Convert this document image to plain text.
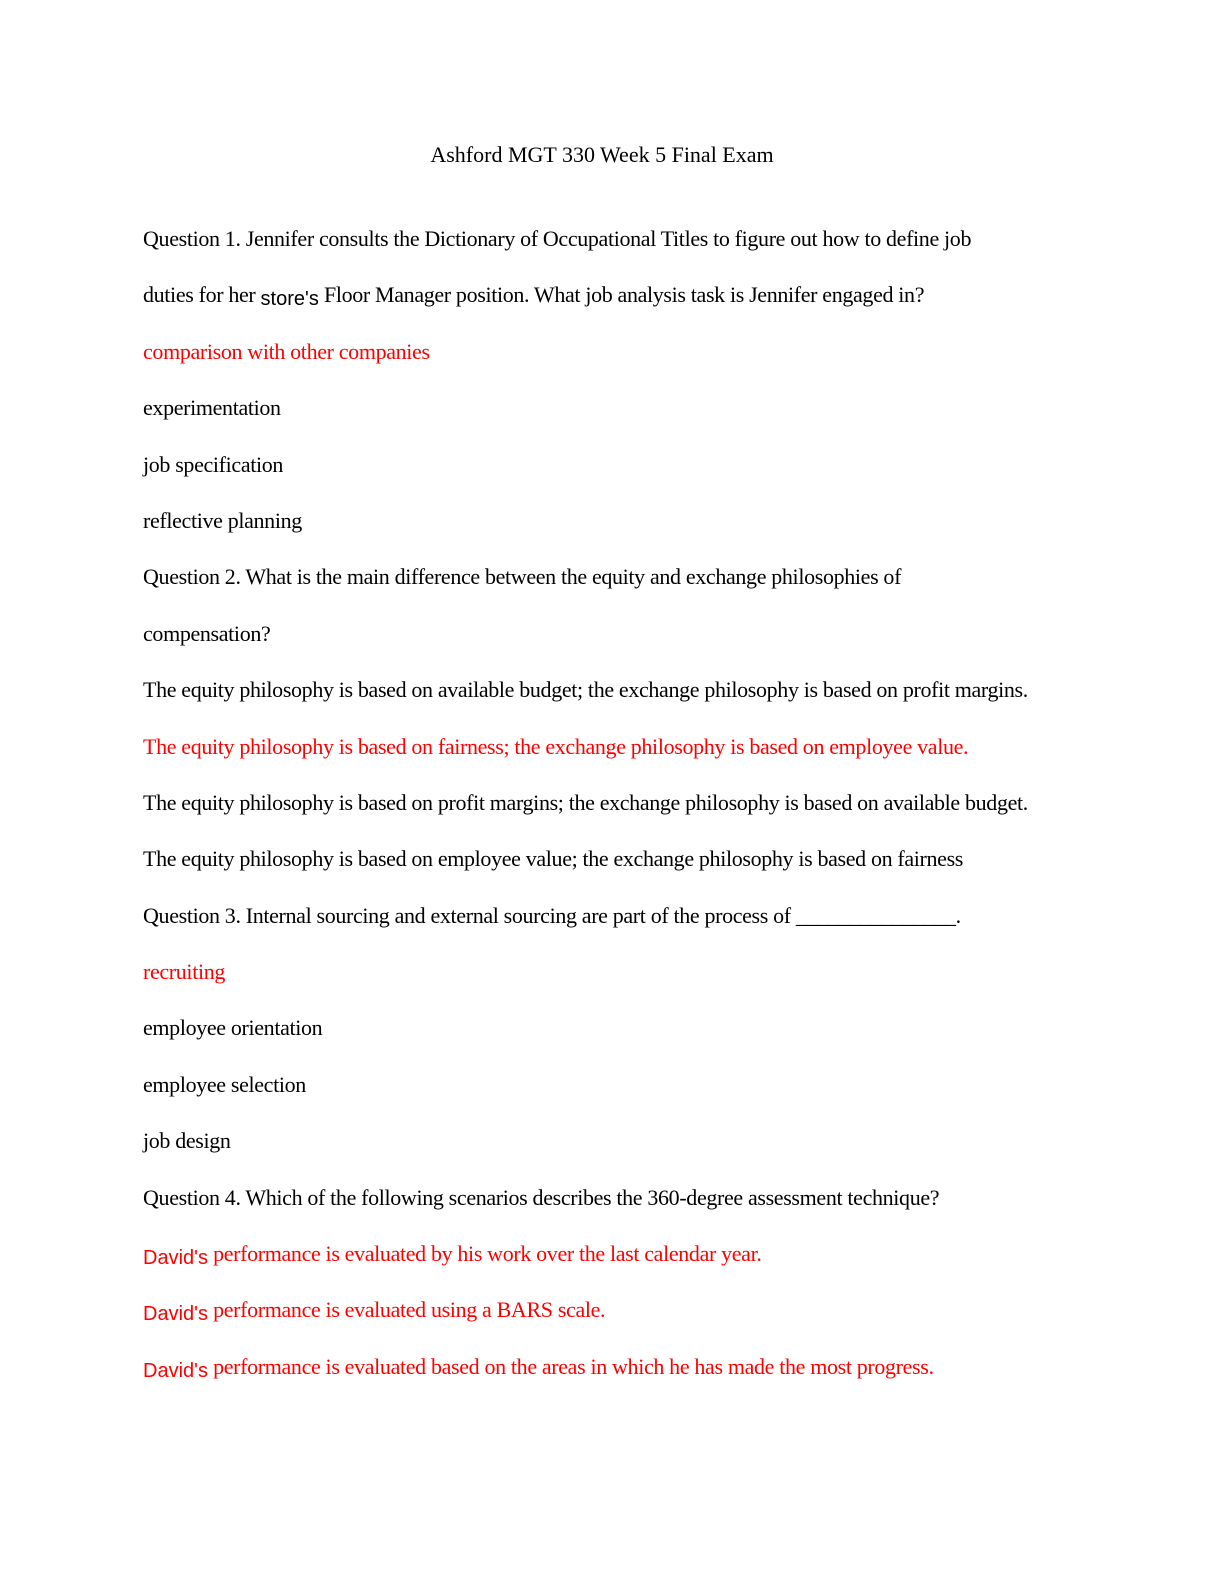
Ashford MGT 330 Week 5 Final Exam
Question 1. Jennifer consults the Dictionary of Occupational Titles to figure out how to define job
duties for her store's Floor Manager position. What job analysis task is Jennifer engaged in?
comparison with other companies
experimentation
job specification
reflective planning
Question 2. What is the main difference between the equity and exchange philosophies of
compensation?
The equity philosophy is based on available budget; the exchange philosophy is based on profit margins.
The equity philosophy is based on fairness; the exchange philosophy is based on employee value.
The equity philosophy is based on profit margins; the exchange philosophy is based on available budget.
The equity philosophy is based on employee value; the exchange philosophy is based on fairness
Question 3. Internal sourcing and external sourcing are part of the process of _______________.
recruiting
employee orientation
employee selection
job design
Question 4. Which of the following scenarios describes the 360-degree assessment technique?
David's performance is evaluated by his work over the last calendar year.
David's performance is evaluated using a BARS scale.
David's performance is evaluated based on the areas in which he has made the most progress.
